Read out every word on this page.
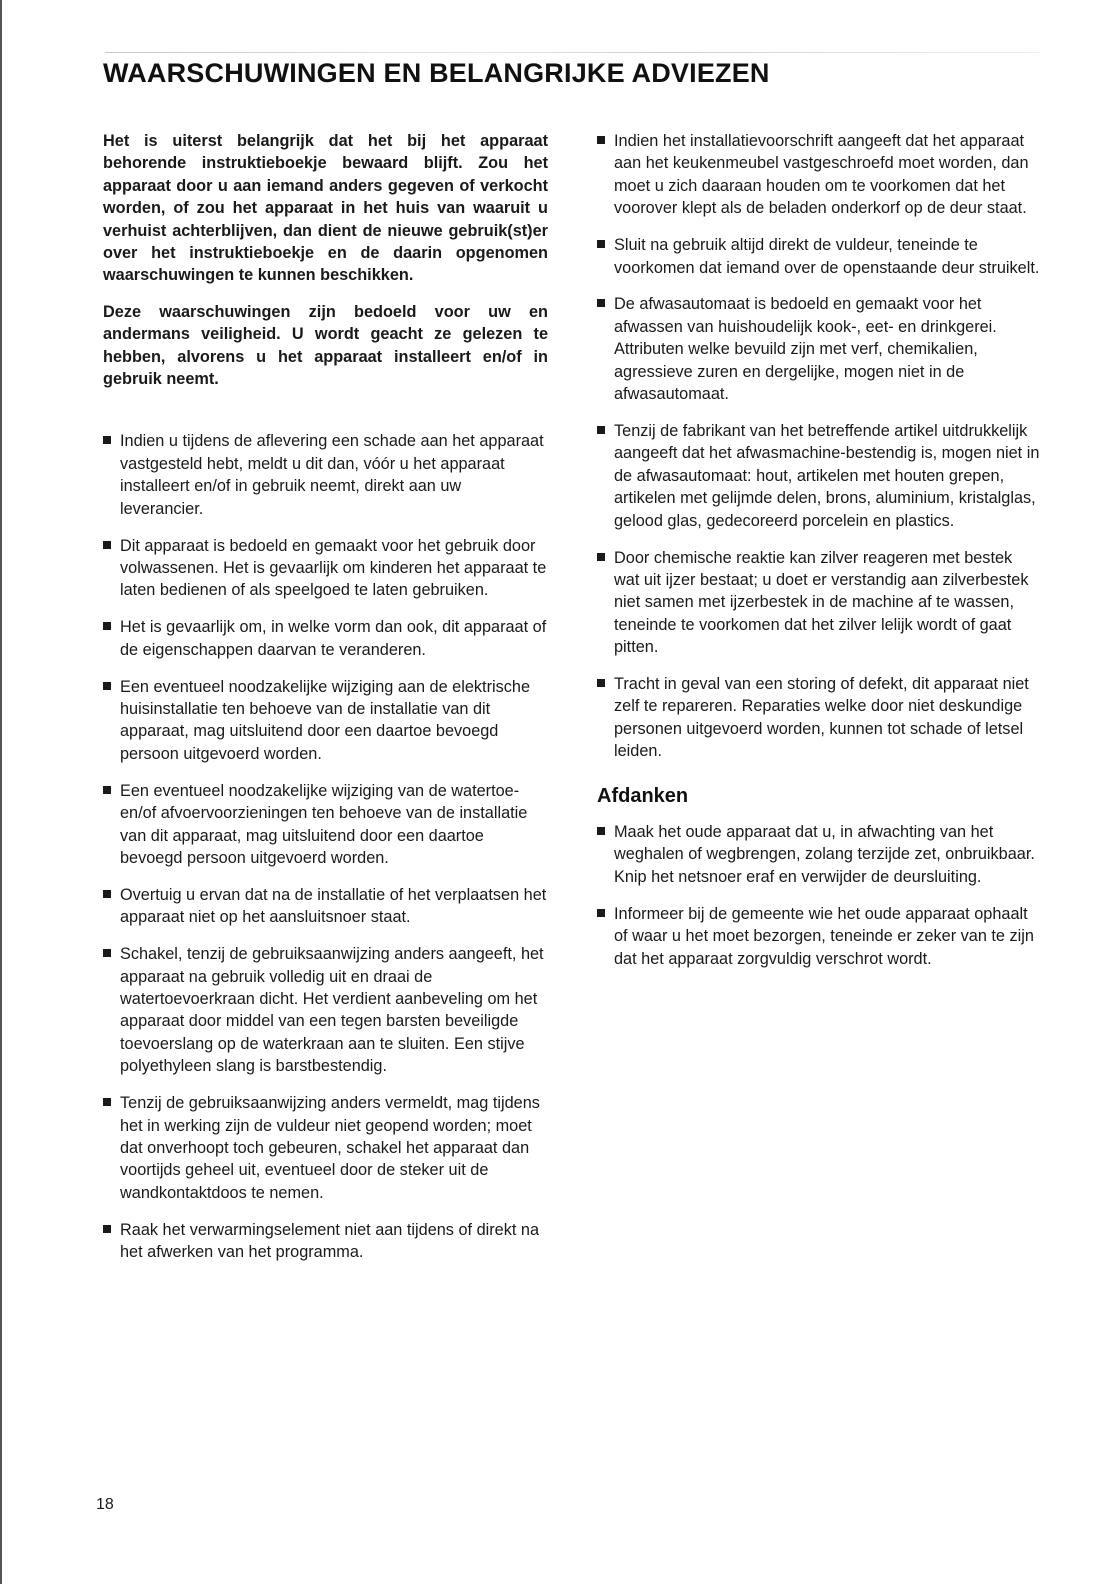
WAARSCHUWINGEN EN BELANGRIJKE ADVIEZEN

Het is uiterst belangrijk dat het bij het apparaat behorende instruktieboekje bewaard blijft. Zou het apparaat door u aan iemand anders gegeven of verkocht worden, of zou het apparaat in het huis van waaruit u verhuist achterblijven, dan dient de nieuwe gebruik(st)er over het instruktieboekje en de daarin opgenomen waarschuwingen te kunnen beschikken.

Deze waarschuwingen zijn bedoeld voor uw en andermans veiligheid. U wordt geacht ze gelezen te hebben, alvorens u het apparaat installeert en/of in gebruik neemt.

Indien u tijdens de aflevering een schade aan het apparaat vastgesteld hebt, meldt u dit dan, vóór u het apparaat installeert en/of in gebruik neemt, direkt aan uw leverancier.
Dit apparaat is bedoeld en gemaakt voor het gebruik door volwassenen. Het is gevaarlijk om kinderen het apparaat te laten bedienen of als speelgoed te laten gebruiken.
Het is gevaarlijk om, in welke vorm dan ook, dit apparaat of de eigenschappen daarvan te veranderen.
Een eventueel noodzakelijke wijziging aan de elektrische huisinstallatie ten behoeve van de installatie van dit apparaat, mag uitsluitend door een daartoe bevoegd persoon uitgevoerd worden.
Een eventueel noodzakelijke wijziging van de watertoe- en/of afvoervoorzieningen ten behoeve van de installatie van dit apparaat, mag uitsluitend door een daartoe bevoegd persoon uitgevoerd worden.
Overtuig u ervan dat na de installatie of het verplaatsen het apparaat niet op het aansluitsnoer staat.
Schakel, tenzij de gebruiksaanwijzing anders aangeeft, het apparaat na gebruik volledig uit en draai de watertoevoerkraan dicht. Het verdient aanbeveling om het apparaat door middel van een tegen barsten beveiligde toevoerslang op de waterkraan aan te sluiten. Een stijve polyethyleen slang is barstbestendig.
Tenzij de gebruiksaanwijzing anders vermeldt, mag tijdens het in werking zijn de vuldeur niet geopend worden; moet dat onverhoopt toch gebeuren, schakel het apparaat dan voortijds geheel uit, eventueel door de steker uit de wandkontaktdoos te nemen.
Raak het verwarmingselement niet aan tijdens of direkt na het afwerken van het programma.
Indien het installatievoorschrift aangeeft dat het apparaat aan het keukenmeubel vastgeschroefd moet worden, dan moet u zich daaraan houden om te voorkomen dat het voorover klept als de beladen onderkorf op de deur staat.
Sluit na gebruik altijd direkt de vuldeur, teneinde te voorkomen dat iemand over de openstaande deur struikelt.
De afwasautomaat is bedoeld en gemaakt voor het afwassen van huishoudelijk kook-, eet- en drinkgerei. Attributen welke bevuild zijn met verf, chemikalien, agressieve zuren en dergelijke, mogen niet in de afwasautomaat.
Tenzij de fabrikant van het betreffende artikel uitdrukkelijk aangeeft dat het afwasmachine-bestendig is, mogen niet in de afwasautomaat: hout, artikelen met houten grepen, artikelen met gelijmde delen, brons, aluminium, kristalglas, gelood glas, gedecoreerd porcelein en plastics.
Door chemische reaktie kan zilver reageren met bestek wat uit ijzer bestaat; u doet er verstandig aan zilverbestek niet samen met ijzerbestek in de machine af te wassen, teneinde te voorkomen dat het zilver lelijk wordt of gaat pitten.
Tracht in geval van een storing of defekt, dit apparaat niet zelf te repareren. Reparaties welke door niet deskundige personen uitgevoerd worden, kunnen tot schade of letsel leiden.
Afdanken
Maak het oude apparaat dat u, in afwachting van het weghalen of wegbrengen, zolang terzijde zet, onbruikbaar. Knip het netsnoer eraf en verwijder de deursluiting.
Informeer bij de gemeente wie het oude apparaat ophaalt of waar u het moet bezorgen, teneinde er zeker van te zijn dat het apparaat zorgvuldig verschrot wordt.
18
